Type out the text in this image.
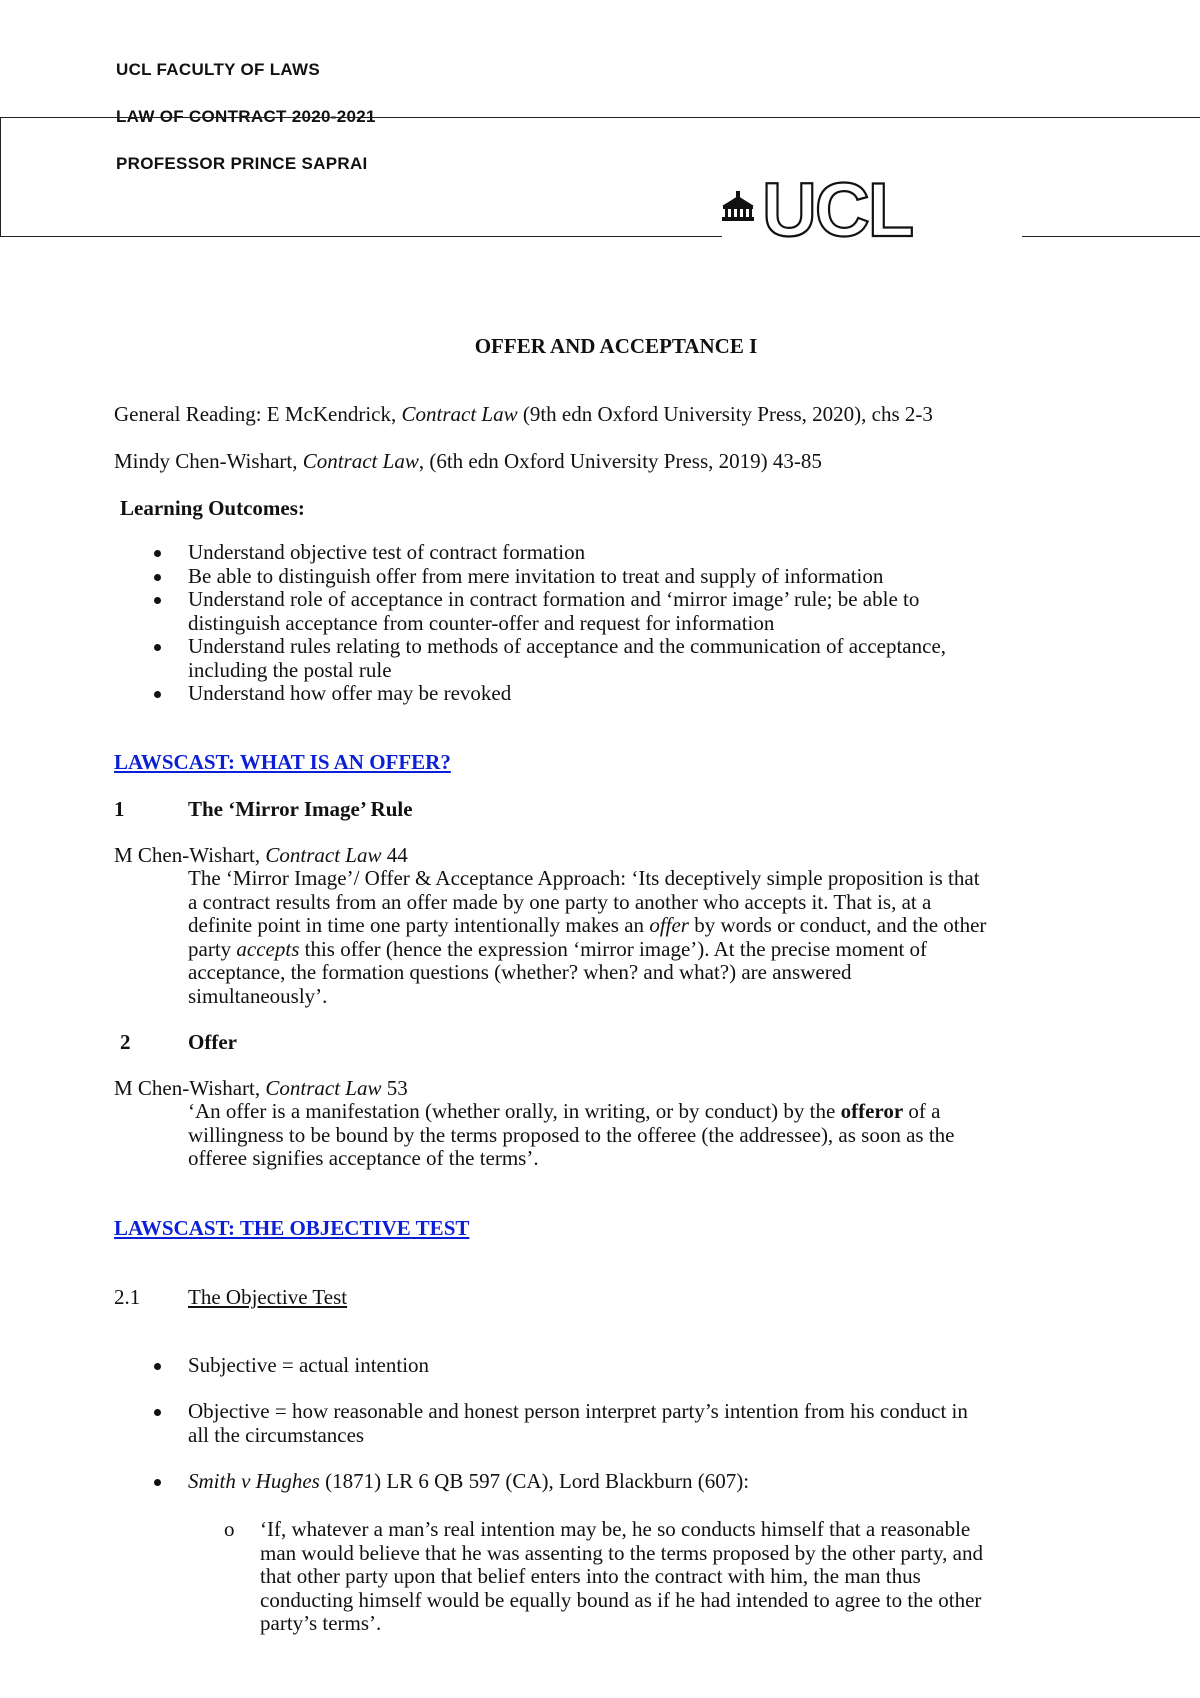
UCL FACULTY OF LAWS
LAW OF CONTRACT 2020-2021
PROFESSOR PRINCE SAPRAI
UCL
OFFER AND ACCEPTANCE I
General Reading: E McKendrick, Contract Law (9th edn Oxford University Press, 2020), chs 2-3
Mindy Chen-Wishart, Contract Law, (6th edn Oxford University Press, 2019) 43-85
Learning Outcomes:
Understand objective test of contract formation
Be able to distinguish offer from mere invitation to treat and supply of information
Understand role of acceptance in contract formation and ‘mirror image’ rule; be able to
distinguish acceptance from counter-offer and request for information
Understand rules relating to methods of acceptance and the communication of acceptance,
including the postal rule
Understand how offer may be revoked
LAWSCAST: WHAT IS AN OFFER?
1	The ‘Mirror Image’ Rule
M Chen-Wishart, Contract Law 44
The ‘Mirror Image’/ Offer & Acceptance Approach: ‘Its deceptively simple proposition is that
a contract results from an offer made by one party to another who accepts it. That is, at a
definite point in time one party intentionally makes an offer by words or conduct, and the other
party accepts this offer (hence the expression ‘mirror image’). At the precise moment of
acceptance, the formation questions (whether? when? and what?) are answered
simultaneously’.
2	Offer
M Chen-Wishart, Contract Law 53
‘An offer is a manifestation (whether orally, in writing, or by conduct) by the offeror of a
willingness to be bound by the terms proposed to the offeree (the addressee), as soon as the
offeree signifies acceptance of the terms’.
LAWSCAST: THE OBJECTIVE TEST
2.1 The Objective Test
Subjective = actual intention
Objective = how reasonable and honest person interpret party’s intention from his conduct in
all the circumstances
Smith v Hughes (1871) LR 6 QB 597 (CA), Lord Blackburn (607):
o	‘If, whatever a man’s real intention may be, he so conducts himself that a reasonable
man would believe that he was assenting to the terms proposed by the other party, and
that other party upon that belief enters into the contract with him, the man thus
conducting himself would be equally bound as if he had intended to agree to the other
party’s terms’.
